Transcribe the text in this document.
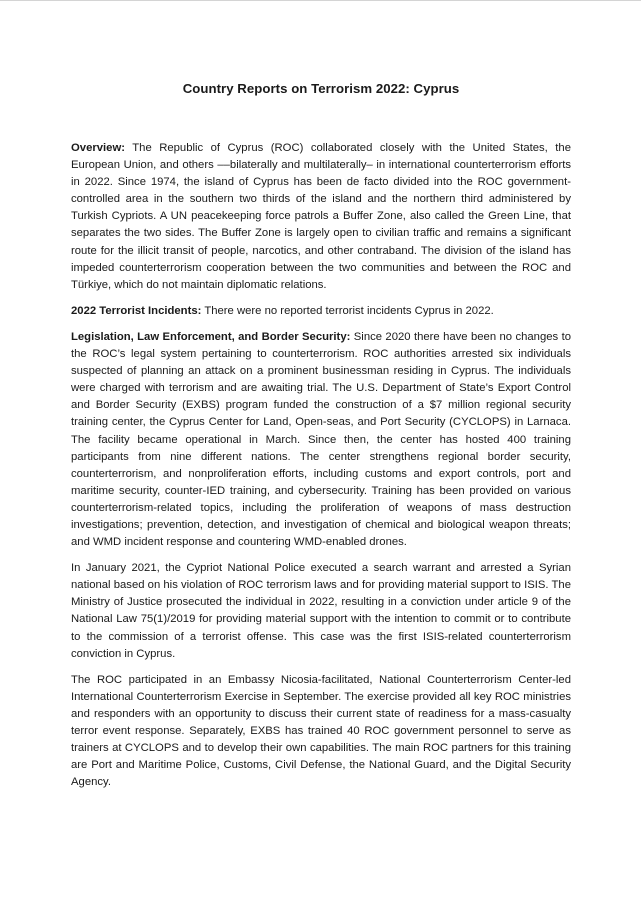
Country Reports on Terrorism 2022: Cyprus

Overview: The Republic of Cyprus (ROC) collaborated closely with the United States, the European Union, and others ––bilaterally and multilaterally– in international counterterrorism efforts in 2022. Since 1974, the island of Cyprus has been de facto divided into the ROC government-controlled area in the southern two thirds of the island and the northern third administered by Turkish Cypriots. A UN peacekeeping force patrols a Buffer Zone, also called the Green Line, that separates the two sides. The Buffer Zone is largely open to civilian traffic and remains a significant route for the illicit transit of people, narcotics, and other contraband. The division of the island has impeded counterterrorism cooperation between the two communities and between the ROC and Türkiye, which do not maintain diplomatic relations.

2022 Terrorist Incidents: There were no reported terrorist incidents Cyprus in 2022.

Legislation, Law Enforcement, and Border Security: Since 2020 there have been no changes to the ROC’s legal system pertaining to counterterrorism. ROC authorities arrested six individuals suspected of planning an attack on a prominent businessman residing in Cyprus. The individuals were charged with terrorism and are awaiting trial. The U.S. Department of State’s Export Control and Border Security (EXBS) program funded the construction of a $7 million regional security training center, the Cyprus Center for Land, Open-seas, and Port Security (CYCLOPS) in Larnaca. The facility became operational in March. Since then, the center has hosted 400 training participants from nine different nations. The center strengthens regional border security, counterterrorism, and nonproliferation efforts, including customs and export controls, port and maritime security, counter-IED training, and cybersecurity. Training has been provided on various counterterrorism-related topics, including the proliferation of weapons of mass destruction investigations; prevention, detection, and investigation of chemical and biological weapon threats; and WMD incident response and countering WMD-enabled drones.

In January 2021, the Cypriot National Police executed a search warrant and arrested a Syrian national based on his violation of ROC terrorism laws and for providing material support to ISIS. The Ministry of Justice prosecuted the individual in 2022, resulting in a conviction under article 9 of the National Law 75(1)/2019 for providing material support with the intention to commit or to contribute to the commission of a terrorist offense. This case was the first ISIS-related counterterrorism conviction in Cyprus.

The ROC participated in an Embassy Nicosia-facilitated, National Counterterrorism Center-led International Counterterrorism Exercise in September. The exercise provided all key ROC ministries and responders with an opportunity to discuss their current state of readiness for a mass-casualty terror event response. Separately, EXBS has trained 40 ROC government personnel to serve as trainers at CYCLOPS and to develop their own capabilities. The main ROC partners for this training are Port and Maritime Police, Customs, Civil Defense, the National Guard, and the Digital Security Agency.
